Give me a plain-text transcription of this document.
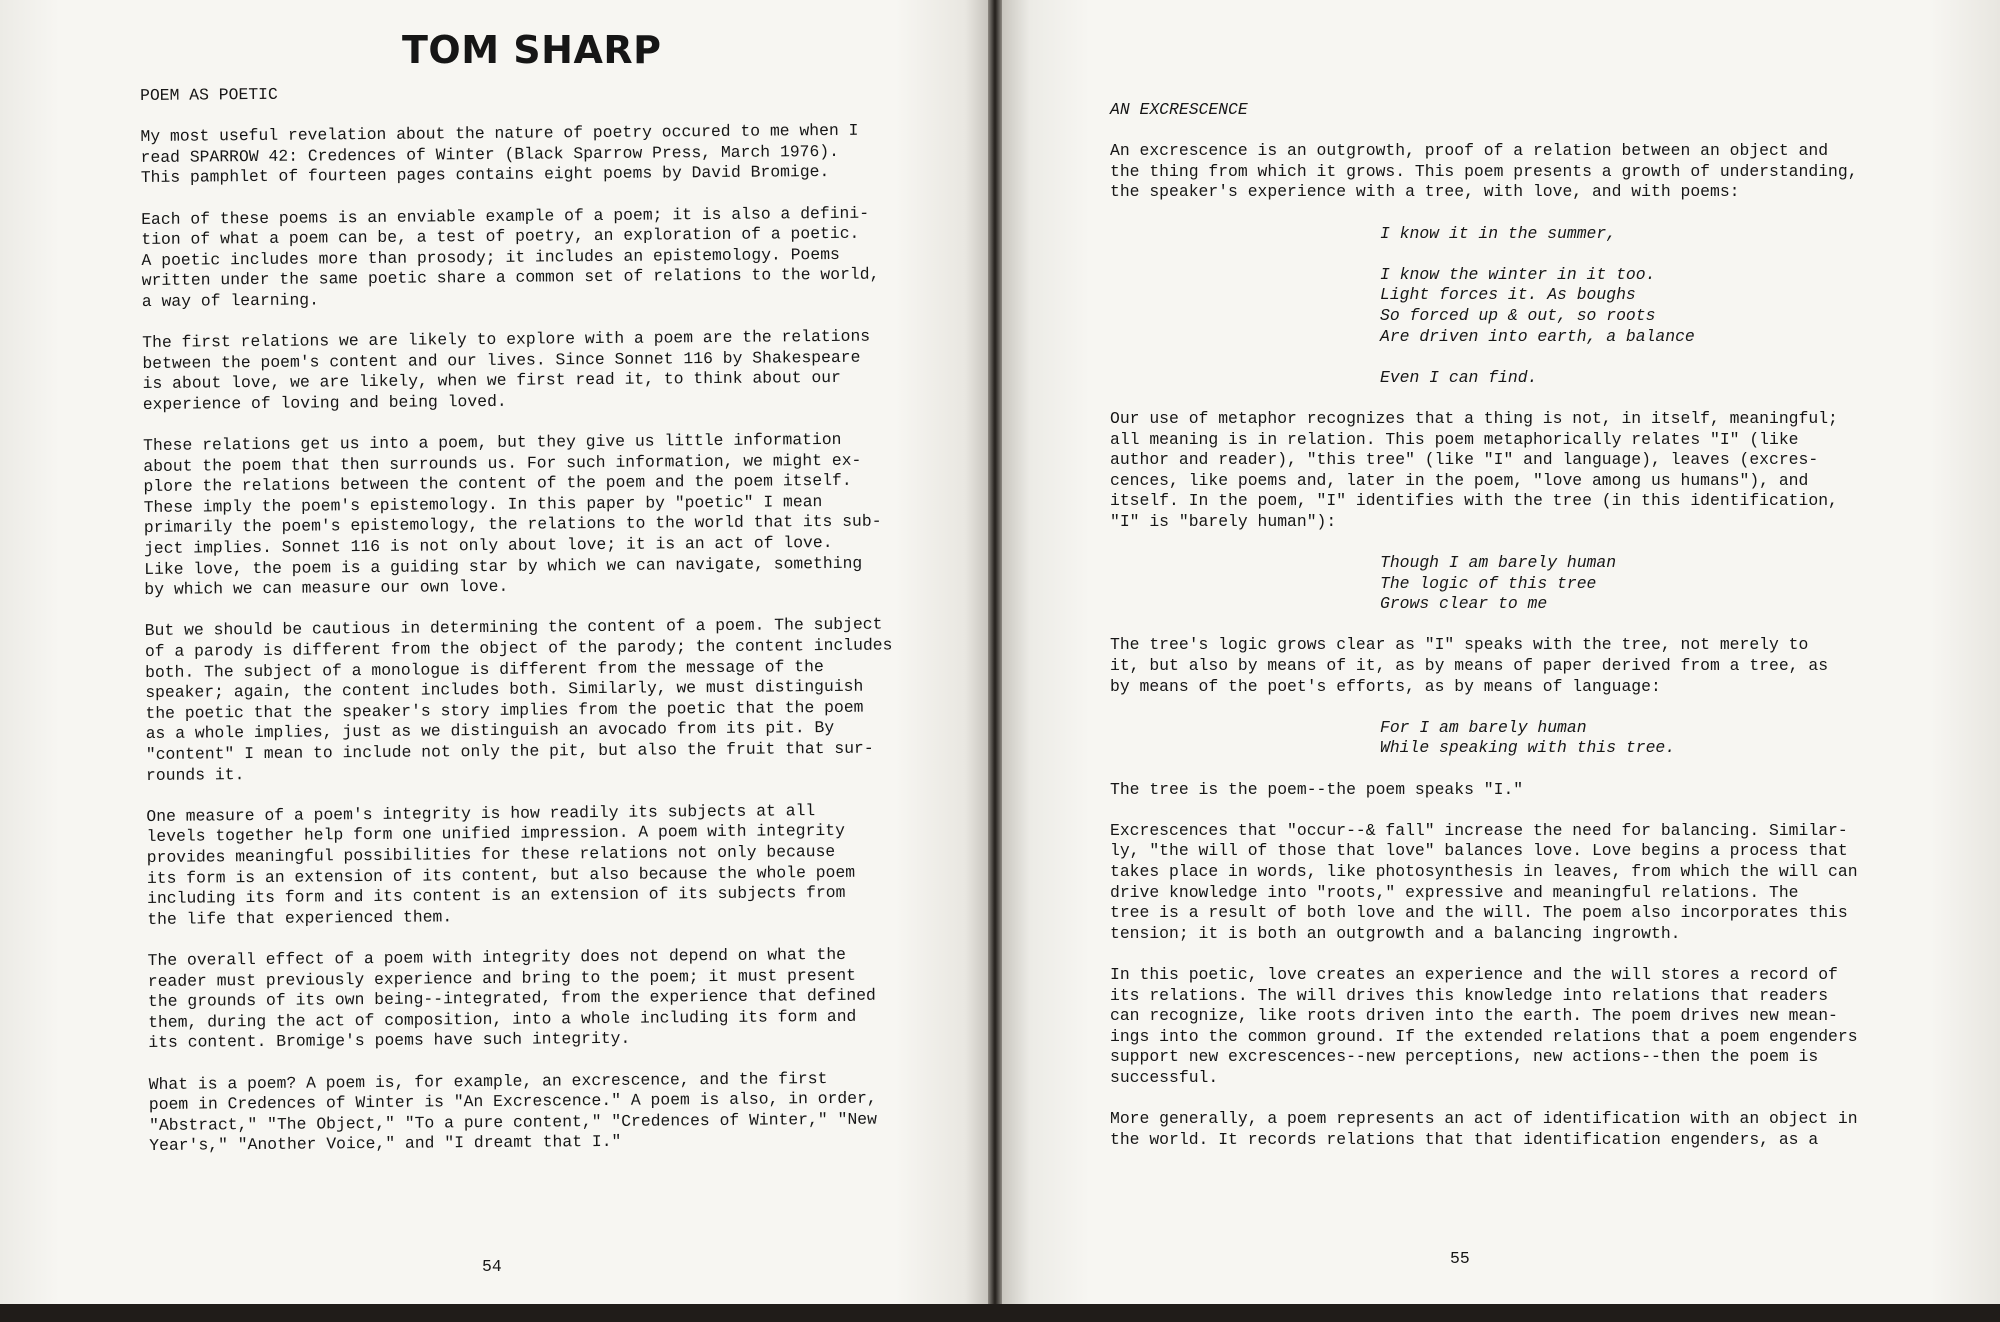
TOM SHARP

POEM AS POETIC

My most useful revelation about the nature of poetry occured to me when I
read SPARROW 42: Credences of Winter (Black Sparrow Press, March 1976).
This pamphlet of fourteen pages contains eight poems by David Bromige.

Each of these poems is an enviable example of a poem; it is also a defini-
tion of what a poem can be, a test of poetry, an exploration of a poetic.
A poetic includes more than prosody; it includes an epistemology. Poems
written under the same poetic share a common set of relations to the world,
a way of learning.

The first relations we are likely to explore with a poem are the relations
between the poem's content and our lives. Since Sonnet 116 by Shakespeare
is about love, we are likely, when we first read it, to think about our
experience of loving and being loved.

These relations get us into a poem, but they give us little information
about the poem that then surrounds us. For such information, we might ex-
plore the relations between the content of the poem and the poem itself.
These imply the poem's epistemology. In this paper by "poetic" I mean
primarily the poem's epistemology, the relations to the world that its sub-
ject implies. Sonnet 116 is not only about love; it is an act of love.
Like love, the poem is a guiding star by which we can navigate, something
by which we can measure our own love.

But we should be cautious in determining the content of a poem. The subject
of a parody is different from the object of the parody; the content includes
both. The subject of a monologue is different from the message of the
speaker; again, the content includes both. Similarly, we must distinguish
the poetic that the speaker's story implies from the poetic that the poem
as a whole implies, just as we distinguish an avocado from its pit. By
"content" I mean to include not only the pit, but also the fruit that sur-
rounds it.

One measure of a poem's integrity is how readily its subjects at all
levels together help form one unified impression. A poem with integrity
provides meaningful possibilities for these relations not only because
its form is an extension of its content, but also because the whole poem
including its form and its content is an extension of its subjects from
the life that experienced them.

The overall effect of a poem with integrity does not depend on what the
reader must previously experience and bring to the poem; it must present
the grounds of its own being--integrated, from the experience that defined
them, during the act of composition, into a whole including its form and
its content. Bromige's poems have such integrity.

What is a poem? A poem is, for example, an excrescence, and the first
poem in Credences of Winter is "An Excrescence." A poem is also, in order,
"Abstract," "The Object," "To a pure content," "Credences of Winter," "New
Year's," "Another Voice," and "I dreamt that I."

54

AN EXCRESCENCE

An excrescence is an outgrowth, proof of a relation between an object and
the thing from which it grows. This poem presents a growth of understanding,
the speaker's experience with a tree, with love, and with poems:

I know it in the summer,
I know the winter in it too.
Light forces it. As boughs
So forced up & out, so roots
Are driven into earth, a balance
Even I can find.

Our use of metaphor recognizes that a thing is not, in itself, meaningful;
all meaning is in relation. This poem metaphorically relates "I" (like
author and reader), "this tree" (like "I" and language), leaves (excres-
cences, like poems and, later in the poem, "love among us humans"), and
itself. In the poem, "I" identifies with the tree (in this identification,
"I" is "barely human"):

Though I am barely human
The logic of this tree
Grows clear to me

The tree's logic grows clear as "I" speaks with the tree, not merely to
it, but also by means of it, as by means of paper derived from a tree, as
by means of the poet's efforts, as by means of language:

For I am barely human
While speaking with this tree.

The tree is the poem--the poem speaks "I."

Excrescences that "occur--& fall" increase the need for balancing. Similar-
ly, "the will of those that love" balances love. Love begins a process that
takes place in words, like photosynthesis in leaves, from which the will can
drive knowledge into "roots," expressive and meaningful relations. The
tree is a result of both love and the will. The poem also incorporates this
tension; it is both an outgrowth and a balancing ingrowth.

In this poetic, love creates an experience and the will stores a record of
its relations. The will drives this knowledge into relations that readers
can recognize, like roots driven into the earth. The poem drives new mean-
ings into the common ground. If the extended relations that a poem engenders
support new excrescences--new perceptions, new actions--then the poem is
successful.

More generally, a poem represents an act of identification with an object in
the world. It records relations that that identification engenders, as a

55
